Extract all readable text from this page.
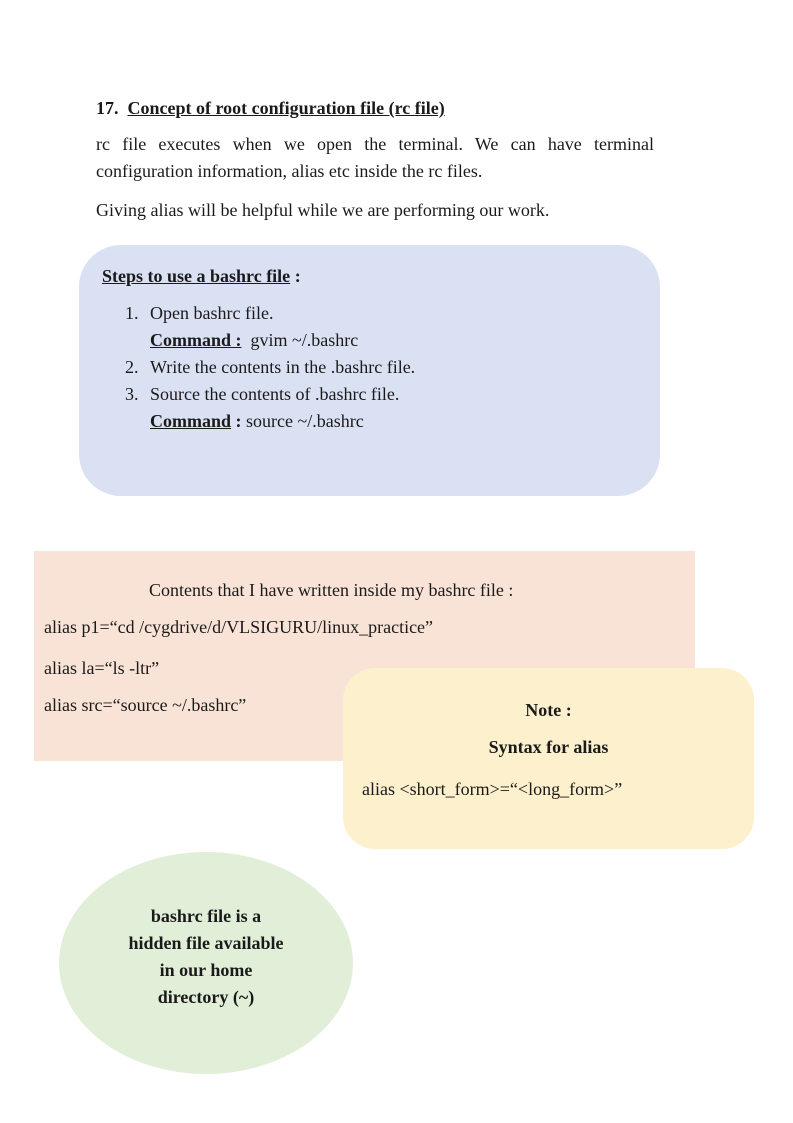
17. Concept of root configuration file (rc file)
rc file executes when we open the terminal. We can have terminal configuration information, alias etc inside the rc files.
Giving alias will be helpful while we are performing our work.
Steps to use a bashrc file :
1. Open bashrc file.
Command : gvim ~/.bashrc
2. Write the contents in the .bashrc file.
3. Source the contents of .bashrc file.
Command : source ~/.bashrc
Contents that I have written inside my bashrc file :
alias p1=“cd /cygdrive/d/VLSIGURU/linux_practice”
alias la=“ls -ltr”
alias src=“source ~/.bashrc”	Note :
Syntax for alias
alias <short_form>=“<long_form>”
bashrc file is a
hidden file available
in our home
directory (~)
